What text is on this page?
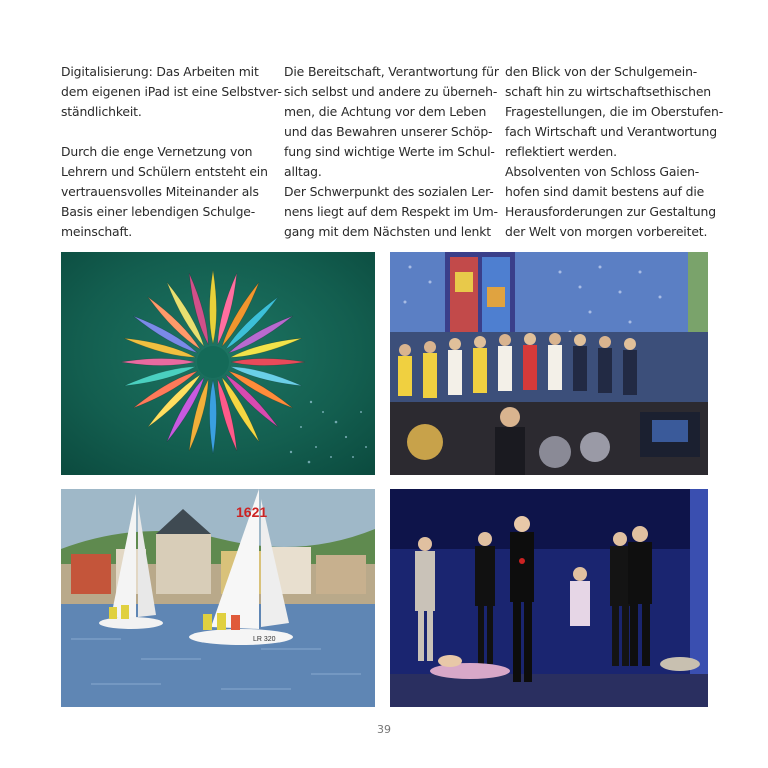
Digitalisierung: Das Arbeiten mit

dem eigenen iPad ist eine Selbstver-

ständlichkeit.

Durch die enge Vernetzung von

Lehrern und Schülern entsteht ein

vertrauensvolles Miteinander als

Basis einer lebendigen Schulge-

meinschaft.

Die Bereitschaft, Verantwortung für

sich selbst und andere zu überneh-

men, die Achtung vor dem Leben

und das Bewahren unserer Schöp-

fung sind wichtige Werte im Schul-

alltag.

Der Schwerpunkt des sozialen Ler-

nens liegt auf dem Respekt im Um-

gang mit dem Nächsten und lenkt

den Blick von der Schulgemein-

schaft hin zu wirtschaftsethischen

Fragestellungen, die im Oberstufen-

fach Wirtschaft und Verantwortung

reflektiert werden.

Absolventen von Schloss Gaien-

hofen sind damit bestens auf die

Herausforderungen zur Gestaltung

der Welt von morgen vorbereitet.

1621
LR 320
39
